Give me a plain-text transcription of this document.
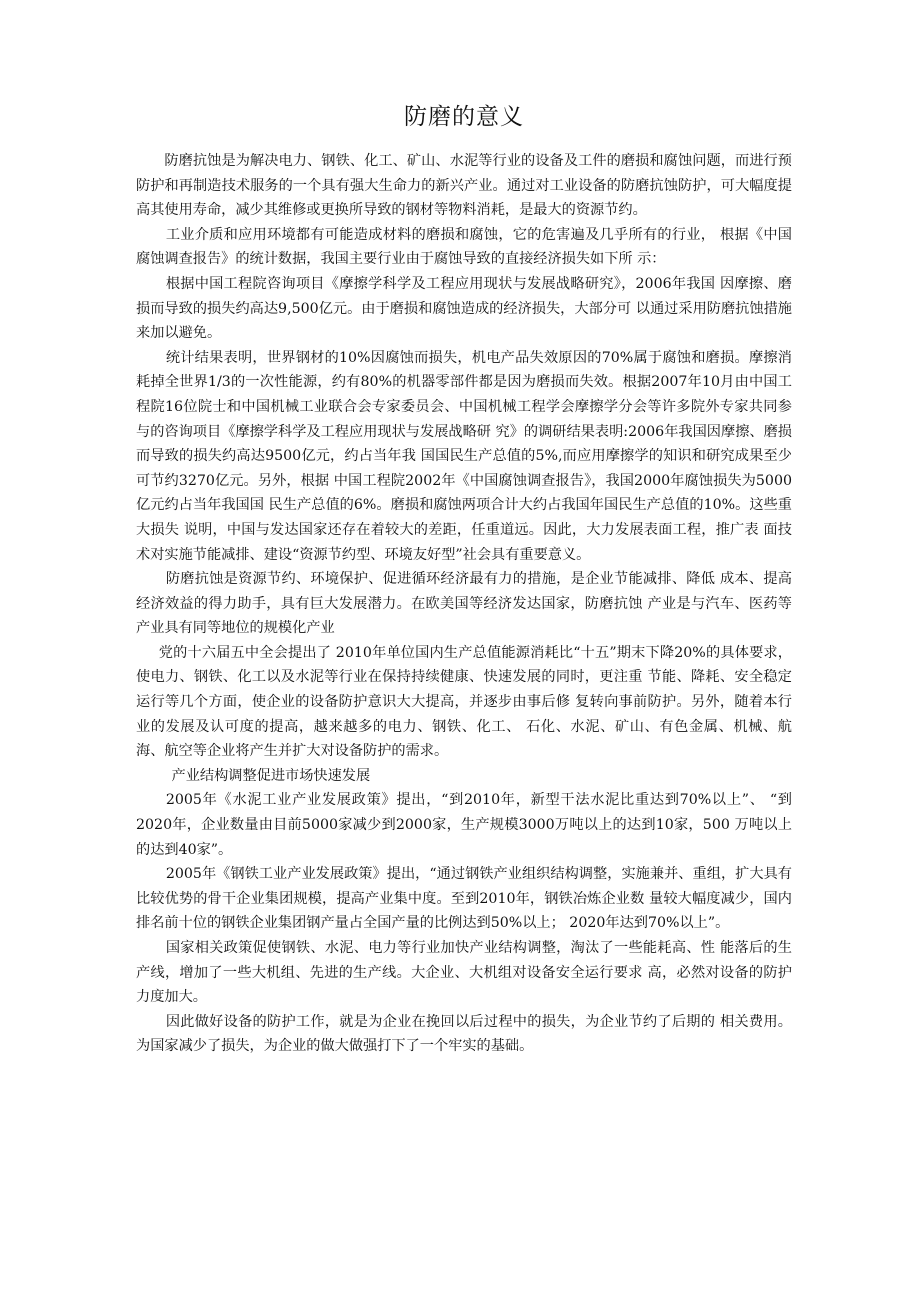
防磨的意义

防磨抗蚀是为解决电力、钢铁、化工、矿山、水泥等行业的设备及工件的磨损和腐蚀问题，而进行预防护和再制造技术服务的一个具有强大生命力的新兴产业。通过对工业设备的防磨抗蚀防护，可大幅度提高其使用寿命，减少其维修或更换所导致的钢材等物料消耗，是最大的资源节约。

工业介质和应用环境都有可能造成材料的磨损和腐蚀，它的危害遍及几乎所有的行业， 根据《中国腐蚀调查报告》的统计数据，我国主要行业由于腐蚀导致的直接经济损失如下所 示：

根据中国工程院咨询项目《摩擦学科学及工程应用现状与发展战略研究》，2006年我国 因摩擦、磨损而导致的损失约高达9,500亿元。由于磨损和腐蚀造成的经济损失，大部分可 以通过采用防磨抗蚀措施来加以避免。

统计结果表明，世界钢材的10%因腐蚀而损失，机电产品失效原因的70%属于腐蚀和磨损。摩擦消耗掉全世界1/3的一次性能源，约有80%的机器零部件都是因为磨损而失效。根据2007年10月由中国工程院16位院士和中国机械工业联合会专家委员会、中国机械工程学会摩擦学分会等许多院外专家共同参与的咨询项目《摩擦学科学及工程应用现状与发展战略研 究》的调研结果表明:2006年我国因摩擦、磨损而导致的损失约高达9500亿元，约占当年我 国国民生产总值的5%,而应用摩擦学的知识和研究成果至少可节约3270亿元。另外，根据 中国工程院2002年《中国腐蚀调查报告》，我国2000年腐蚀损失为5000亿元约占当年我国国 民生产总值的6%。磨损和腐蚀两项合计大约占我国年国民生产总值的10%。这些重大损失 说明，中国与发达国家还存在着较大的差距，任重道远。因此，大力发展表面工程，推广表 面技术对实施节能减排、建设“资源节约型、环境友好型”社会具有重要意义。

防磨抗蚀是资源节约、环境保护、促进循环经济最有力的措施，是企业节能减排、降低 成本、提高经济效益的得力助手，具有巨大发展潜力。在欧美国等经济发达国家，防磨抗蚀 产业是与汽车、医药等产业具有同等地位的规模化产业

党的十六届五中全会提出了 2010年单位国内生产总值能源消耗比“十五”期末下降20%的具体要求，使电力、钢铁、化工以及水泥等行业在保持持续健康、快速发展的同时，更注重 节能、降耗、安全稳定运行等几个方面，使企业的设备防护意识大大提高，并逐步由事后修 复转向事前防护。另外，随着本行业的发展及认可度的提高，越来越多的电力、钢铁、化工、 石化、水泥、矿山、有色金属、机械、航海、航空等企业将产生并扩大对设备防护的需求。

产业结构调整促进市场快速发展

2005年《水泥工业产业发展政策》提出，“到2010年，新型干法水泥比重达到70%以上”、 “到2020年，企业数量由目前5000家减少到2000家，生产规模3000万吨以上的达到10家，500 万吨以上的达到40家”。

2005年《钢铁工业产业发展政策》提出，“通过钢铁产业组织结构调整，实施兼并、重组，扩大具有比较优势的骨干企业集团规模，提高产业集中度。至到2010年，钢铁冶炼企业数 量较大幅度减少，国内排名前十位的钢铁企业集团钢产量占全国产量的比例达到50%以上； 2020年达到70%以上”。

国家相关政策促使钢铁、水泥、电力等行业加快产业结构调整，淘汰了一些能耗高、性 能落后的生产线，增加了一些大机组、先进的生产线。大企业、大机组对设备安全运行要求 高，必然对设备的防护力度加大。

因此做好设备的防护工作，就是为企业在挽回以后过程中的损失，为企业节约了后期的 相关费用。为国家减少了损失，为企业的做大做强打下了一个牢实的基础。
